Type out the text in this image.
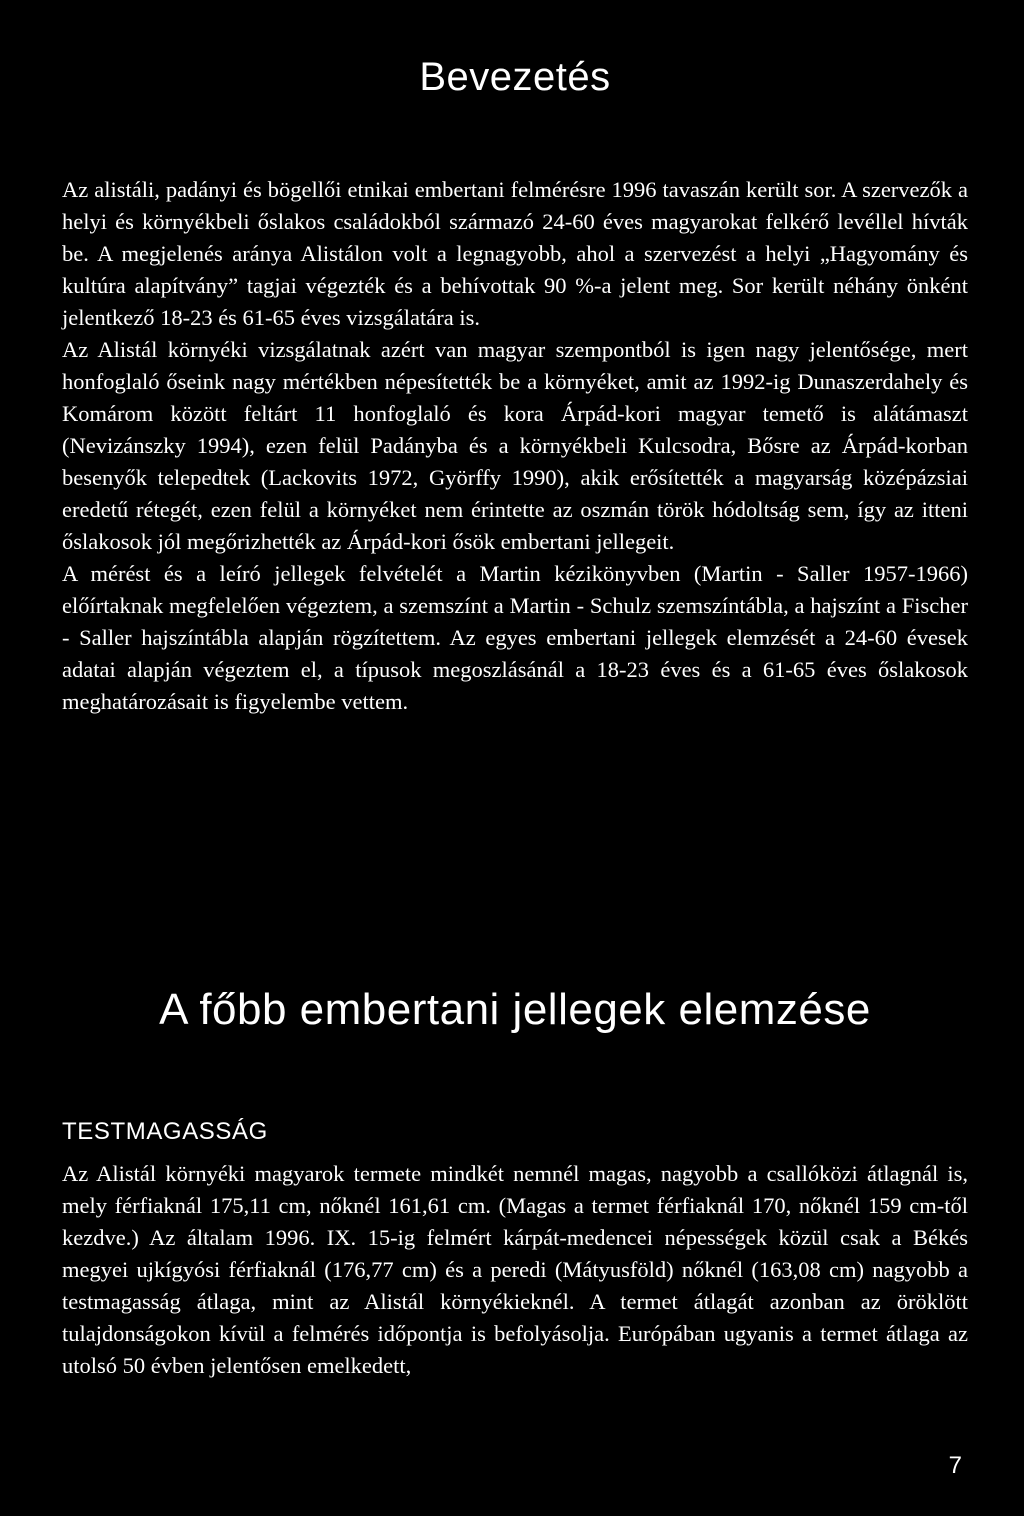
Bevezetés

Az alistáli, padányi és bögellői etnikai embertani felmérésre 1996 tavaszán került sor. A szervezők a helyi és környékbeli őslakos családokból származó 24-60 éves magyarokat felkérő levéllel hívták be. A megjelenés aránya Alistálon volt a legnagyobb, ahol a szervezést a helyi „Hagyomány és kultúra alapítvány” tagjai végezték és a behívottak 90 %-a jelent meg. Sor került néhány önként jelentkező 18-23 és 61-65 éves vizsgálatára is.

Az Alistál környéki vizsgálatnak azért van magyar szempontból is igen nagy jelentősége, mert honfoglaló őseink nagy mértékben népesítették be a környéket, amit az 1992-ig Dunaszerdahely és Komárom között feltárt 11 honfoglaló és kora Árpád-kori magyar temető is alátámaszt (Nevizánszky 1994), ezen felül Padányba és a környékbeli Kulcsodra, Bősre az Árpád-korban besenyők telepedtek (Lackovits 1972, Györffy 1990), akik erősítették a magyarság középázsiai eredetű rétegét, ezen felül a környéket nem érintette az oszmán török hódoltság sem, így az itteni őslakosok jól megőrizhették az Árpád-kori ősök embertani jellegeit.

A mérést és a leíró jellegek felvételét a Martin kézikönyvben (Martin - Saller 1957-1966) előírtaknak megfelelően végeztem, a szemszínt a Martin - Schulz szemszíntábla, a hajszínt a Fischer - Saller hajszíntábla alapján rögzítettem. Az egyes embertani jellegek elemzését a 24-60 évesek adatai alapján végeztem el, a típusok megoszlásánál a 18-23 éves és a 61-65 éves őslakosok meghatározásait is figyelembe vettem.

A főbb embertani jellegek elemzése
TESTMAGASSÁG

Az Alistál környéki magyarok termete mindkét nemnél magas, nagyobb a csallóközi átlagnál is, mely férfiaknál 175,11 cm, nőknél 161,61 cm. (Magas a termet férfiaknál 170, nőknél 159 cm-től kezdve.) Az általam 1996. IX. 15-ig felmért kárpát-medencei népességek közül csak a Békés megyei ujkígyósi férfiaknál (176,77 cm) és a peredi (Mátyusföld) nőknél (163,08 cm) nagyobb a testmagasság átlaga, mint az Alistál környékieknél. A termet átlagát azonban az öröklött tulajdonságokon kívül a felmérés időpontja is befolyásolja. Európában ugyanis a termet átlaga az utolsó 50 évben jelentősen emelkedett,

7
